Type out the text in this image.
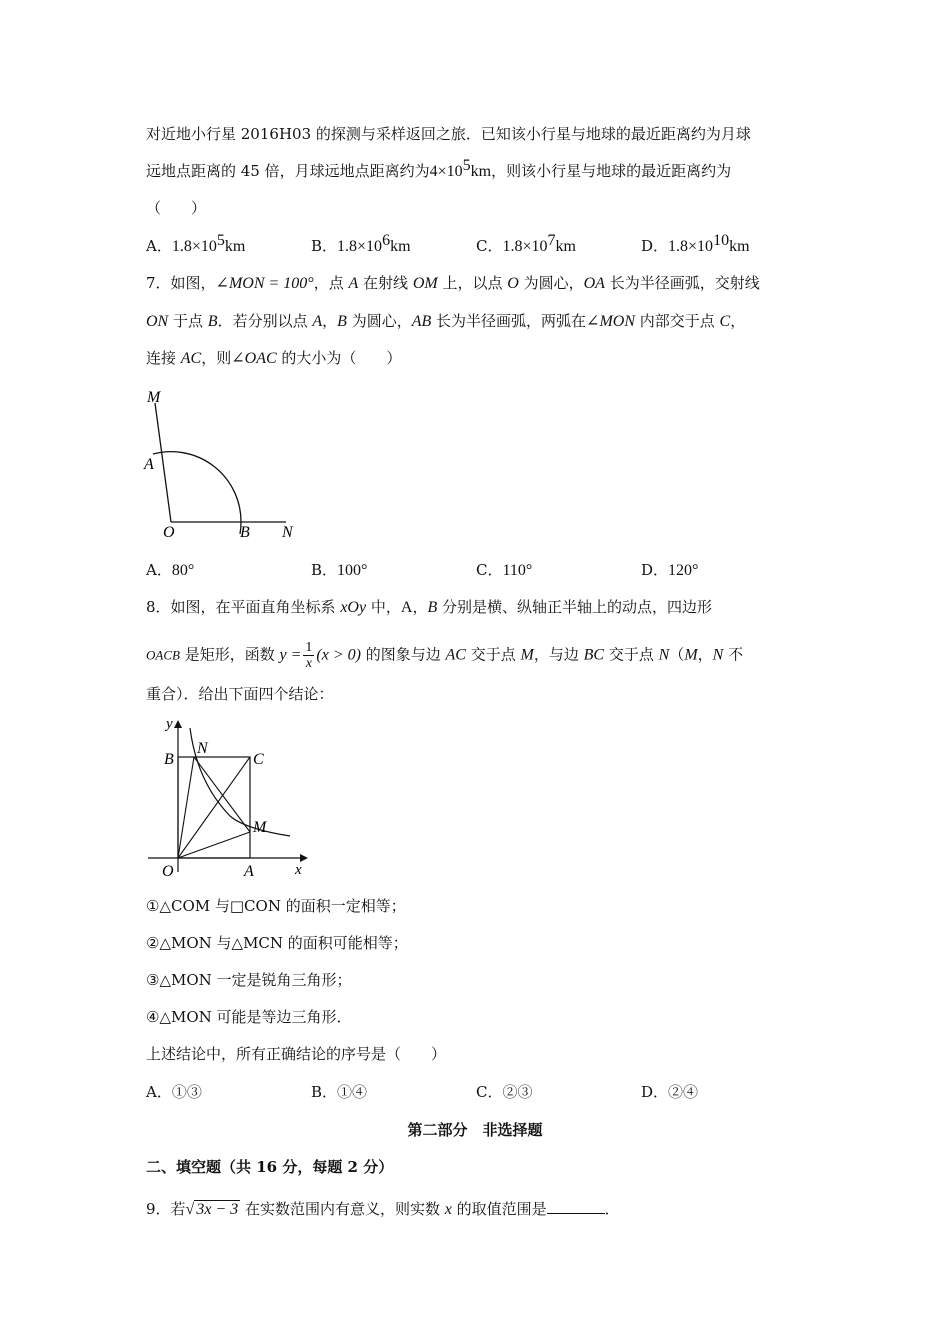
对近地小行星 2016H03 的探测与采样返回之旅．已知该小行星与地球的最近距离约为月球
远地点距离的 45 倍，月球远地点距离约为$4\times 10^5km$，则该小行星与地球的最近距离约为
（　　）
A．$1.8\times 10^5km$	B．$1.8\times 10^6km$	C．$1.8\times 10^7km$	D．$1.8\times 10^{10}km$
7．如图，∠MON = 100°，点 A 在射线 OM 上，以点 O 为圆心，OA 长为半径画弧，交射线
ON 于点 B．若分别以点 A，B 为圆心，AB 长为半径画弧，两弧在∠MON 内部交于点 C，
连接 AC，则∠OAC 的大小为（　　）
M
A
O	B N
A．80°	B．100°	C．110°	D．120°
8．如图，在平面直角坐标系 xOy 中，A，B 分别是横、纵轴正半轴上的动点，四边形
OACB 是矩形，函数 $y = \frac{1}{x} (x > 0)$ 的图象与边 AC 交于点 M，与边 BC 交于点 N（M，N 不
重合）．给出下面四个结论：
y
B
N
C
M
O	A	x
①△COM 与□CON 的面积一定相等；
②△MON 与△MCN 的面积可能相等；
③△MON 一定是锐角三角形；
④△MON 可能是等边三角形．
上述结论中，所有正确结论的序号是（　　）
A．①③	B．①④	C．②③	D．②④
第二部分　非选择题
二、填空题（共 16 分，每题 2 分）
9．若√ 3x − 3 在实数范围内有意义，则实数 x 的取值范围是	．
